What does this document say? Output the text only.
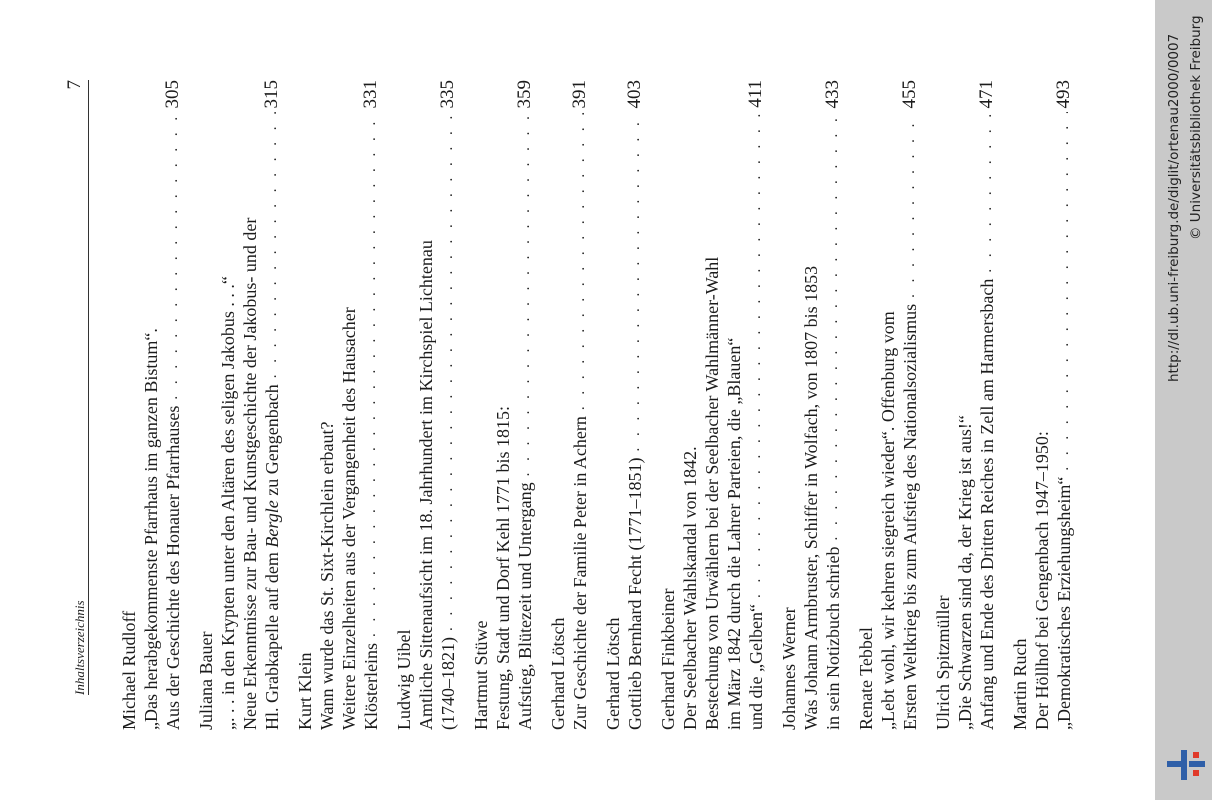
Inhaltsverzeichnis
7
Michael Rudloff „Das herabgekommenste Pfarrhaus im ganzen Bistum“. Aus der Geschichte des Honauer Pfarrhauses
. . .
305
Juliana Bauer „. . . in den Krypten unter den Altären des seligen Jakobus . . .“ Neue Erkenntnisse zur Bau- und Kunstgeschichte der Jakobus- und der Hl. Grabkapelle auf dem Bergle zu Gengenbach
. . .
315
Kurt Klein Wann wurde das St. Sixt-Kirchlein erbaut? Weitere Einzelheiten aus der Vergangenheit des Hausacher Klösterleins
. . .
331
Ludwig Uibel Amtliche Sittenaufsicht im 18. Jahrhundert im Kirchspiel Lichtenau (1740–1821)
. . .
335
Hartmut Stüwe Festung, Stadt und Dorf Kehl 1771 bis 1815: Aufstieg, Blütezeit und Untergang
. . .
359
Gerhard Lötsch Zur Geschichte der Familie Peter in Achern
. . .
391
Gerhard Lötsch Gottlieb Bernhard Fecht (1771–1851)
. . .
403
Gerhard Finkbeiner Der Seelbacher Wahlskandal von 1842. Bestechung von Urwählern bei der Seelbacher Wahlmänner-Wahl im März 1842 durch die Lahrer Parteien, die „Blauen“ und die „Gelben“
. . .
411
Johannes Werner Was Johann Armbruster, Schiffer in Wolfach, von 1807 bis 1853 in sein Notizbuch schrieb
. . .
433
Renate Tebbel „Lebt wohl, wir kehren siegreich wieder“. Offenburg vom Ersten Weltkrieg bis zum Aufstieg des Nationalsozialismus
. . .
455
Ulrich Spitzmüller „Die Schwarzen sind da, der Krieg ist aus!“ Anfang und Ende des Dritten Reiches in Zell am Harmersbach
. . .
471
Martin Ruch Der Höllhof bei Gengenbach 1947–1950: „Demokratisches Erziehungsheim“
. . .
493	http://dl.ub.uni-freiburg.de/diglit/ortenau2000/0007 © Universitätsbibliothek Freiburg
